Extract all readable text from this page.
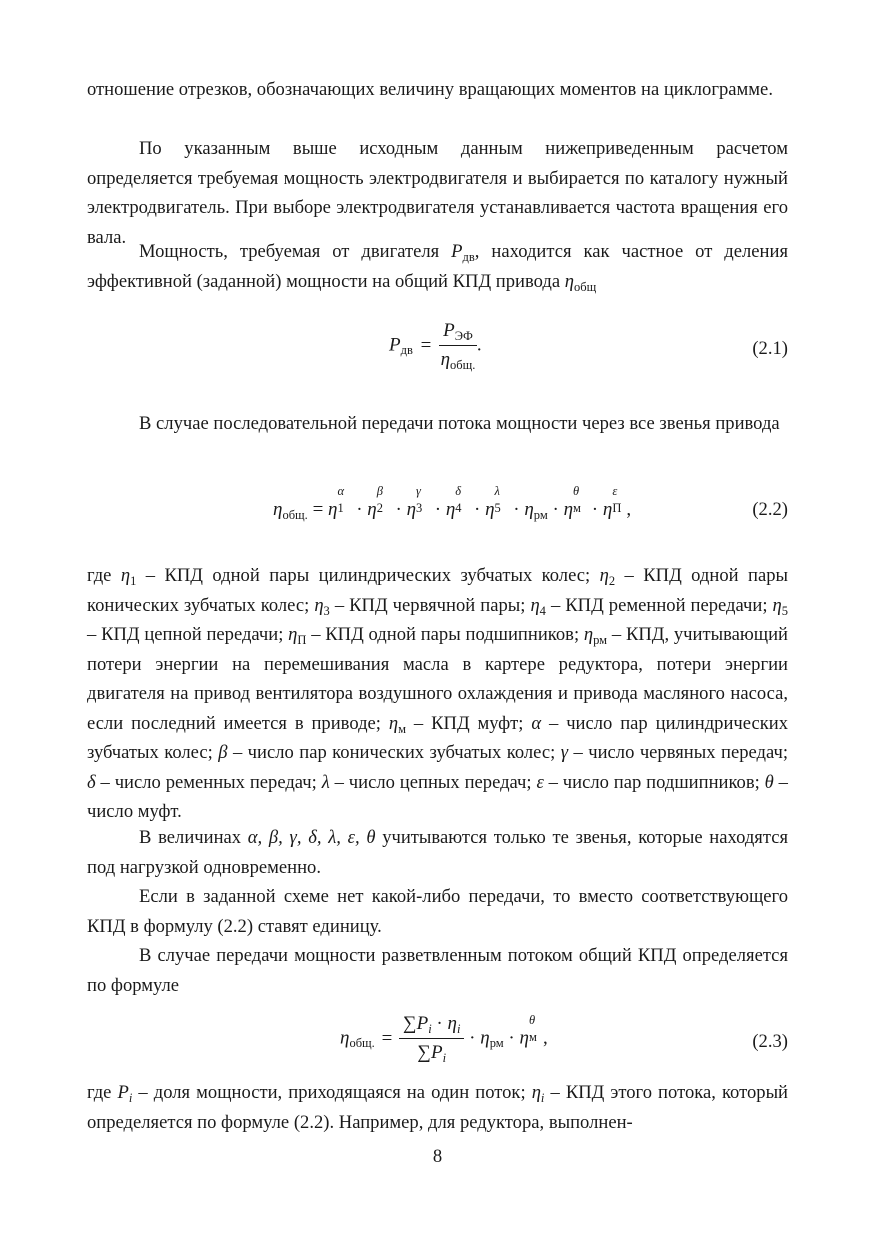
отношение отрезков, обозначающих величину вращающих моментов на циклограмме.

По указанным выше исходным данным нижеприведенным расчетом определяется требуемая мощность электродвигателя и выбирается по каталогу нужный электродвигатель. При выборе электродвигателя устанавливается частота вращения его вала.

Мощность, требуемая от двигателя $P_{дв}$, находится как частное от деления эффективной (заданной) мощности на общий КПД привода $\eta_{общ}$

$P_{дв} = \frac{P_{ЭФ}}{\eta_{общ.}}$ .	(2.1)

В случае последовательной передачи потока мощности через все звенья привода

$\eta_{общ.} = \eta$
α
1 · η
β
2 · η
γ
3 · η
δ
4 · η
λ
$5 \cdot \eta_{рм} \cdot \eta$
θ
м · η
ε
П ,	(2.2)

где $\eta_1$ – КПД одной пары цилиндрических зубчатых колес; $\eta_2$ – КПД одной пары конических зубчатых колес; $\eta_3$ – КПД червячной пары; $\eta_4$ – КПД ременной передачи; $\eta_5$ – КПД цепной передачи; $\eta_П$ – КПД одной пары подшипников; $\eta_{рм}$ – КПД, учитывающий потери энергии на перемешивания масла в картере редуктора, потери энергии двигателя на привод вентилятора воздушного охлаждения и привода масляного насоса, если последний имеется в приводе; $\eta_м$ – КПД муфт; α – число пар цилиндрических зубчатых колес; β – число пар конических зубчатых колес; γ – число червяных передач; δ – число ременных передач; λ – число цепных передач; ε – число пар подшипников; θ – число муфт.

В величинах α, β, γ, δ, λ, ε, θ учитываются только те звенья, которые находятся под нагрузкой одновременно.

Если в заданной схеме нет какой-либо передачи, то вместо соответствующего КПД в формулу (2.2) ставят единицу.

В случае передачи мощности разветвленным потоком общий КПД определяется по формуле

$\eta_{общ.} = \frac{\sum P_i \cdot \eta_i}{\sum P_i} \cdot \eta_{рм} \cdot \eta$
θ
м ,	(2.3)

где $P_i$ – доля мощности, приходящаяся на один поток; $\eta_i$ – КПД этого потока, который определяется по формуле (2.2). Например, для редуктора, выполнен-

8
